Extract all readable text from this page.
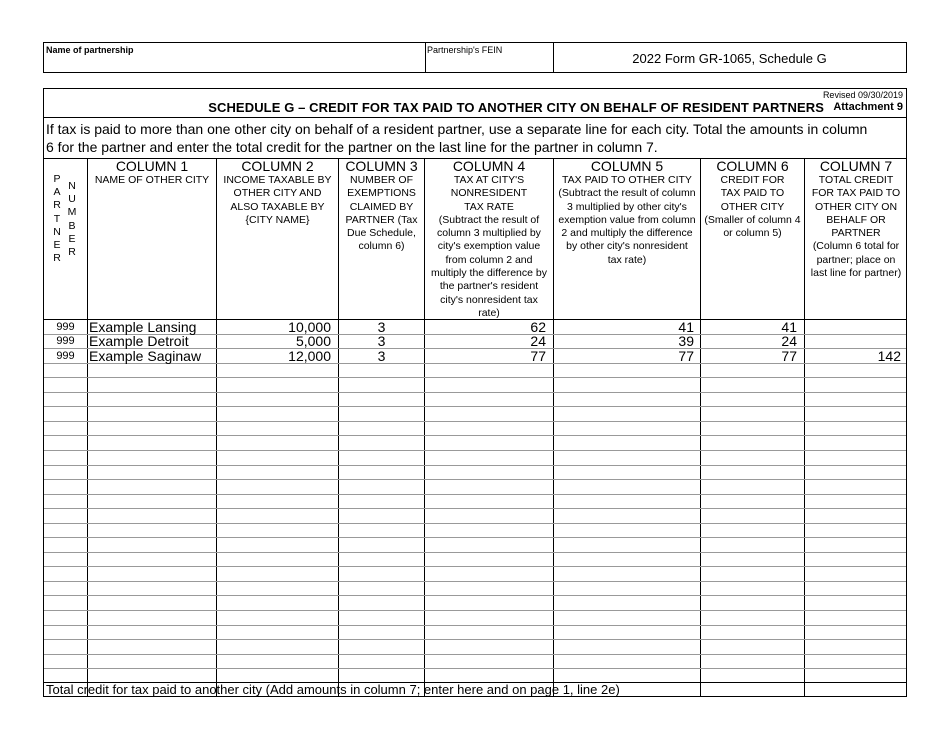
Name of partnership	Partnership's FEIN
2022 Form GR-1065, Schedule G
Revised 09/30/2019
Attachment 9
SCHEDULE G – CREDIT FOR TAX PAID TO ANOTHER CITY ON BEHALF OF RESIDENT PARTNERS
If tax is paid to more than one other city on behalf of a resident partner, use a separate line for each city. Total the amounts in column
6 for the partner and enter the total credit for the partner on the last line for the partner in column 7.
P
A
R
T
N
E
R
N
U
M
B
E
R
COLUMN 1
NAME OF OTHER CITY
COLUMN 2
INCOME TAXABLE BY
OTHER CITY AND
ALSO TAXABLE BY
{CITY NAME}
COLUMN 3
NUMBER OF
EXEMPTIONS
CLAIMED BY
PARTNER (Tax
Due Schedule,
column 6)
COLUMN 4
TAX AT CITY'S
NONRESIDENT
TAX RATE
(Subtract the result of
column 3 multiplied by
city's exemption value
from column 2 and
multiply the difference by
the partner's resident
city's nonresident tax
rate)
COLUMN 5
TAX PAID TO OTHER CITY
(Subtract the result of column
3 multiplied by other city's
exemption value from column
2 and multiply the difference
by other city's nonresident
tax rate)
COLUMN 6
CREDIT FOR
TAX PAID TO
OTHER CITY
(Smaller of column 4
or column 5)
COLUMN 7
TOTAL CREDIT
FOR TAX PAID TO
OTHER CITY ON
BEHALF OR
PARTNER
(Column 6 total for
partner; place on
last line for partner)
999	Example Lansing	10,000	3	62	41	41
999	Example Detroit	5,000	3	24	39	24
999	Example Saginaw	12,000	3	77	77	77	142
Total credit for tax paid to another city (Add amounts in column 7; enter here and on page 1, line 2e)
